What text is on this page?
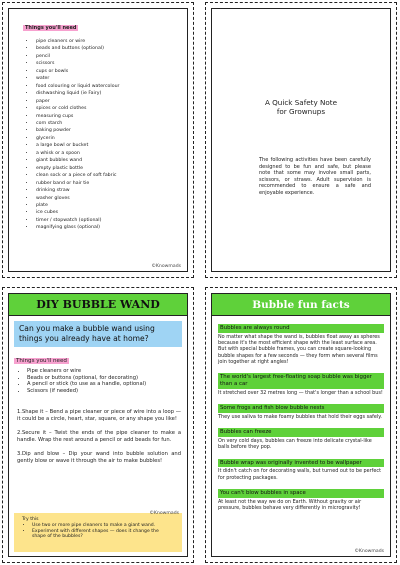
Things you'll need
• pipe cleaners or wire
• beads and buttons (optional)
• pencil
• scissors
• cups or bowls
• water
• food colouring or liquid watercolour
• dishwashing liquid (ie Fairy)
• paper
• spices or cold clothes
• measuring cups
• corn starch
• baking powder
• glycerin
• a large bowl or bucket
• a whisk or a spoon
• giant bubbles wand
• empty plastic bottle
• clean sock or a piece of soft fabric
• rubber band or hair tie
• drinking straw
• washer gloves
• plate
• ice cubes
• timer / stopwatch (optional)
• magnifying glass (optional)
©Knowmads
A Quick Safety Note
for Grownups
The following activities have been carefully designed to be fun and safe, but please note that some may involve small parts, scissors, or straws. Adult supervision is recommended to ensure a safe and enjoyable experience.
DIY BUBBLE WAND
Can you make a bubble wand using things you already have at home?
Things you'll need
• Pipe cleaners or wire
• Beads or buttons (optional, for decorating)
• A pencil or stick (to use as a handle, optional)
• Scissors (if needed)

1.Shape it – Bend a pipe cleaner or piece of wire into a loop — it could be a circle, heart, star, square, or any shape you like!

2.Secure it – Twist the ends of the pipe cleaner to make a handle. Wrap the rest around a pencil or add beads for fun.

3.Dip and blow – Dip your wand into bubble solution and gently blow or wave it through the air to make bubbles!

Try this
• Use two or more pipe cleaners to make a giant wand.
• Experiment with different shapes — does it change the shape of the bubbles?
©Knowmads
Bubble fun facts
Bubbles are always round
No matter what shape the wand is, bubbles float away as spheres because it's the most efficient shape with the least surface area. But with special bubble frames, you can create square-looking bubble shapes for a few seconds — they form when several films join together at right angles!
The world's largest free-floating soap bubble was bigger than a car
It stretched over 32 metres long — that's longer than a school bus!
Some frogs and fish blow bubble nests
They use saliva to make foamy bubbles that hold their eggs safely.
Bubbles can freeze
On very cold days, bubbles can freeze into delicate crystal-like balls before they pop.
Bubble wrap was originally invented to be wallpaper
It didn't catch on for decorating walls, but turned out to be perfect for protecting packages.
You can't blow bubbles in space
At least not the way we do on Earth. Without gravity or air pressure, bubbles behave very differently in microgravity!
©Knowmads
